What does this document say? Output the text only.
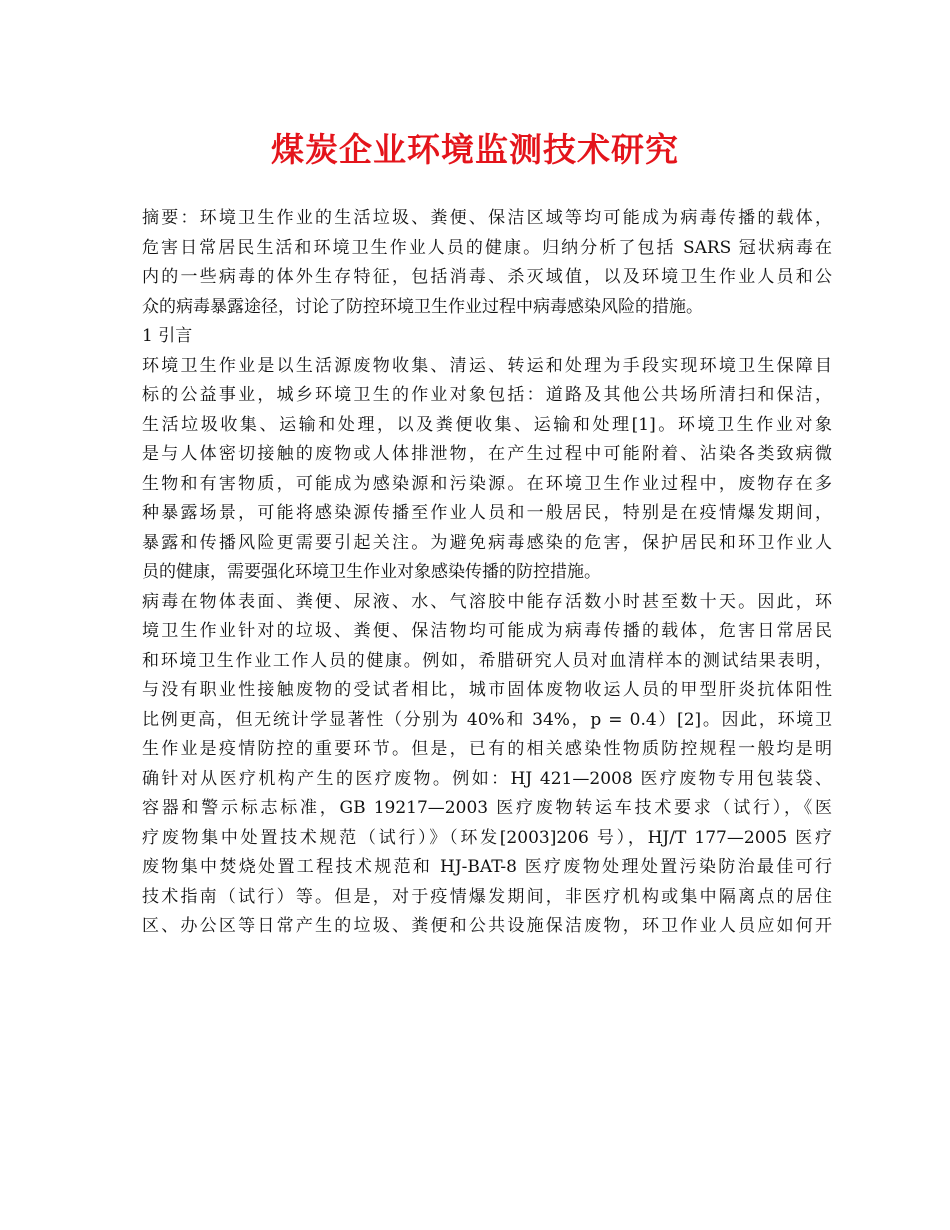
煤炭企业环境监测技术研究
摘要：环境卫生作业的生活垃圾、粪便、保洁区域等均可能成为病毒传播的载体，
危害日常居民生活和环境卫生作业人员的健康。归纳分析了包括 SARS 冠状病毒在
内的一些病毒的体外生存特征，包括消毒、杀灭域值，以及环境卫生作业人员和公
众的病毒暴露途径，讨论了防控环境卫生作业过程中病毒感染风险的措施。
1 引言
环境卫生作业是以生活源废物收集、清运、转运和处理为手段实现环境卫生保障目
标的公益事业，城乡环境卫生的作业对象包括：道路及其他公共场所清扫和保洁，
生活垃圾收集、运输和处理，以及粪便收集、运输和处理[1]。环境卫生作业对象
是与人体密切接触的废物或人体排泄物，在产生过程中可能附着、沾染各类致病微
生物和有害物质，可能成为感染源和污染源。在环境卫生作业过程中，废物存在多
种暴露场景，可能将感染源传播至作业人员和一般居民，特别是在疫情爆发期间，
暴露和传播风险更需要引起关注。为避免病毒感染的危害，保护居民和环卫作业人
员的健康，需要强化环境卫生作业对象感染传播的防控措施。
病毒在物体表面、粪便、尿液、水、气溶胶中能存活数小时甚至数十天。因此，环
境卫生作业针对的垃圾、粪便、保洁物均可能成为病毒传播的载体，危害日常居民
和环境卫生作业工作人员的健康。例如，希腊研究人员对血清样本的测试结果表明，
与没有职业性接触废物的受试者相比，城市固体废物收运人员的甲型肝炎抗体阳性
比例更高，但无统计学显著性（分别为 40%和 34%，p = 0.4）[2]。因此，环境卫
生作业是疫情防控的重要环节。但是，已有的相关感染性物质防控规程一般均是明
确针对从医疗机构产生的医疗废物。例如：HJ 421—2008 医疗废物专用包装袋、
容器和警示标志标准，GB 19217—2003 医疗废物转运车技术要求（试行），《医
疗废物集中处置技术规范（试行）》（环发[2003]206 号），HJ/T 177—2005 医疗
废物集中焚烧处置工程技术规范和 HJ-BAT-8 医疗废物处理处置污染防治最佳可行
技术指南（试行）等。但是，对于疫情爆发期间，非医疗机构或集中隔离点的居住
区、办公区等日常产生的垃圾、粪便和公共设施保洁废物，环卫作业人员应如何开
